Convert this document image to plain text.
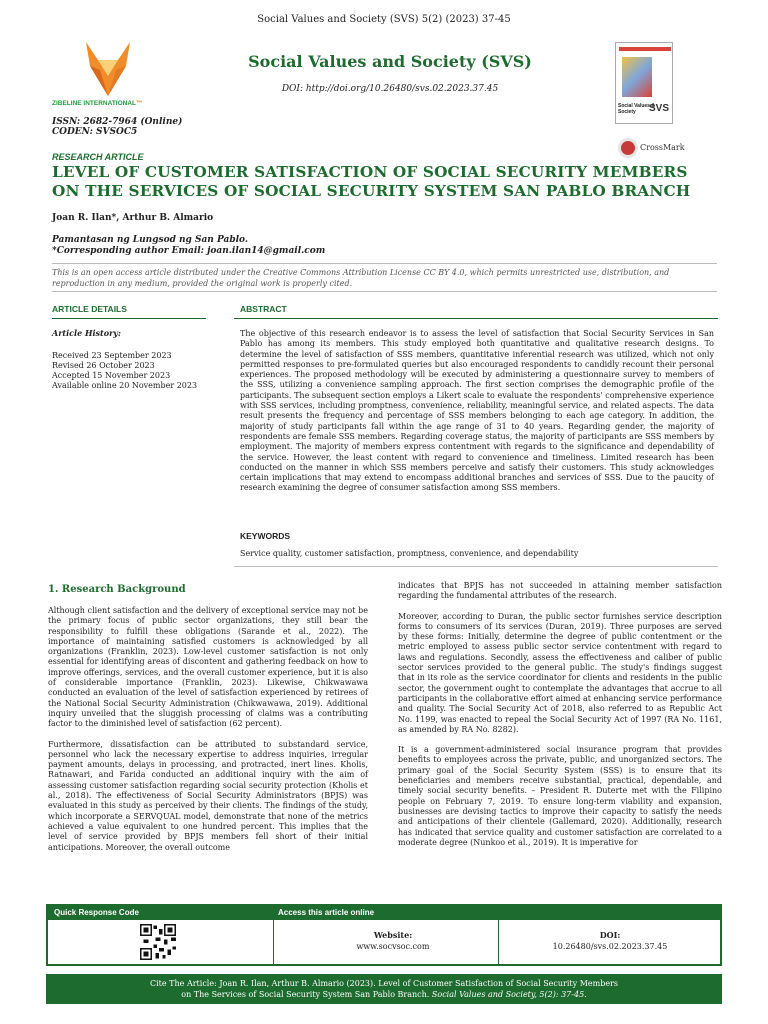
Social Values and Society (SVS) 5(2) (2023) 37-45
ZIBELINE INTERNATIONAL™
ISSN: 2682-7964 (Online)
CODEN: SVSOC5
Social Values and Society (SVS)
DOI: http://doi.org/10.26480/svs.02.2023.37.45
Social Values & Society	SVS
CrossMark
RESEARCH ARTICLE
LEVEL OF CUSTOMER SATISFACTION OF SOCIAL SECURITY MEMBERS ON THE SERVICES OF SOCIAL SECURITY SYSTEM SAN PABLO BRANCH
Joan R. Ilan*, Arthur B. Almario
Pamantasan ng Lungsod ng San Pablo.
*Corresponding author Email: joan.ilan14@gmail.com
This is an open access article distributed under the Creative Commons Attribution License CC BY 4.0, which permits unrestricted use, distribution, and reproduction in any medium, provided the original work is properly cited.
ARTICLE DETAILS	ABSTRACT
Article History:
Received 23 September 2023
Revised 26 October 2023
Accepted 15 November 2023
Available online 20 November 2023
The objective of this research endeavor is to assess the level of satisfaction that Social Security Services in San Pablo has among its members. This study employed both quantitative and qualitative research designs. To determine the level of satisfaction of SSS members, quantitative inferential research was utilized, which not only permitted responses to pre-formulated queries but also encouraged respondents to candidly recount their personal experiences. The proposed methodology will be executed by administering a questionnaire survey to members of the SSS, utilizing a convenience sampling approach. The first section comprises the demographic profile of the participants. The subsequent section employs a Likert scale to evaluate the respondents' comprehensive experience with SSS services, including promptness, convenience, reliability, meaningful service, and related aspects. The data result presents the frequency and percentage of SSS members belonging to each age category. In addition, the majority of study participants fall within the age range of 31 to 40 years. Regarding gender, the majority of respondents are female SSS members. Regarding coverage status, the majority of participants are SSS members by employment. The majority of members express contentment with regards to the significance and dependability of the service. However, the least content with regard to convenience and timeliness. Limited research has been conducted on the manner in which SSS members perceive and satisfy their customers. This study acknowledges certain implications that may extend to encompass additional branches and services of SSS. Due to the paucity of research examining the degree of consumer satisfaction among SSS members.
KEYWORDS
Service quality, customer satisfaction, promptness, convenience, and dependability
1. Research Background

Although client satisfaction and the delivery of exceptional service may not be the primary focus of public sector organizations, they still bear the responsibility to fulfill these obligations (Sarande et al., 2022). The importance of maintaining satisfied customers is acknowledged by all organizations (Franklin, 2023). Low-level customer satisfaction is not only essential for identifying areas of discontent and gathering feedback on how to improve offerings, services, and the overall customer experience, but it is also of considerable importance (Franklin, 2023). Likewise, Chikwawawa conducted an evaluation of the level of satisfaction experienced by retirees of the National Social Security Administration (Chikwawawa, 2019). Additional inquiry unveiled that the sluggish processing of claims was a contributing factor to the diminished level of satisfaction (62 percent).

Furthermore, dissatisfaction can be attributed to substandard service, personnel who lack the necessary expertise to address inquiries, irregular payment amounts, delays in processing, and protracted, inert lines. Kholis, Ratnawari, and Farida conducted an additional inquiry with the aim of assessing customer satisfaction regarding social security protection (Kholis et al., 2018). The effectiveness of Social Security Administrators (BPJS) was evaluated in this study as perceived by their clients. The findings of the study, which incorporate a SERVQUAL model, demonstrate that none of the metrics achieved a value equivalent to one hundred percent. This implies that the level of service provided by BPJS members fell short of their initial anticipations. Moreover, the overall outcome

indicates that BPJS has not succeeded in attaining member satisfaction regarding the fundamental attributes of the research.

Moreover, according to Duran, the public sector furnishes service description forms to consumers of its services (Duran, 2019). Three purposes are served by these forms: Initially, determine the degree of public contentment or the metric employed to assess public sector service contentment with regard to laws and regulations. Secondly, assess the effectiveness and caliber of public sector services provided to the general public. The study's findings suggest that in its role as the service coordinator for clients and residents in the public sector, the government ought to contemplate the advantages that accrue to all participants in the collaborative effort aimed at enhancing service performance and quality. The Social Security Act of 2018, also referred to as Republic Act No. 1199, was enacted to repeal the Social Security Act of 1997 (RA No. 1161, as amended by RA No. 8282).

It is a government-administered social insurance program that provides benefits to employees across the private, public, and unorganized sectors. The primary goal of the Social Security System (SSS) is to ensure that its beneficiaries and members receive substantial, practical, dependable, and timely social security benefits. – President R. Duterte met with the Filipino people on February 7, 2019. To ensure long-term viability and expansion, businesses are devising tactics to improve their capacity to satisfy the needs and anticipations of their clientele (Gallemard, 2020). Additionally, research has indicated that service quality and customer satisfaction are correlated to a moderate degree (Nunkoo et al., 2019). It is imperative for

Quick Response Code	Access this article online
Website:
www.socvsoc.com
DOI:
10.26480/svs.02.2023.37.45
Cite The Article: Joan R. Ilan, Arthur B. Almario (2023). Level of Customer Satisfaction of Social Security Members
on The Services of Social Security System San Pablo Branch. Social Values and Society, 5(2): 37-45.
